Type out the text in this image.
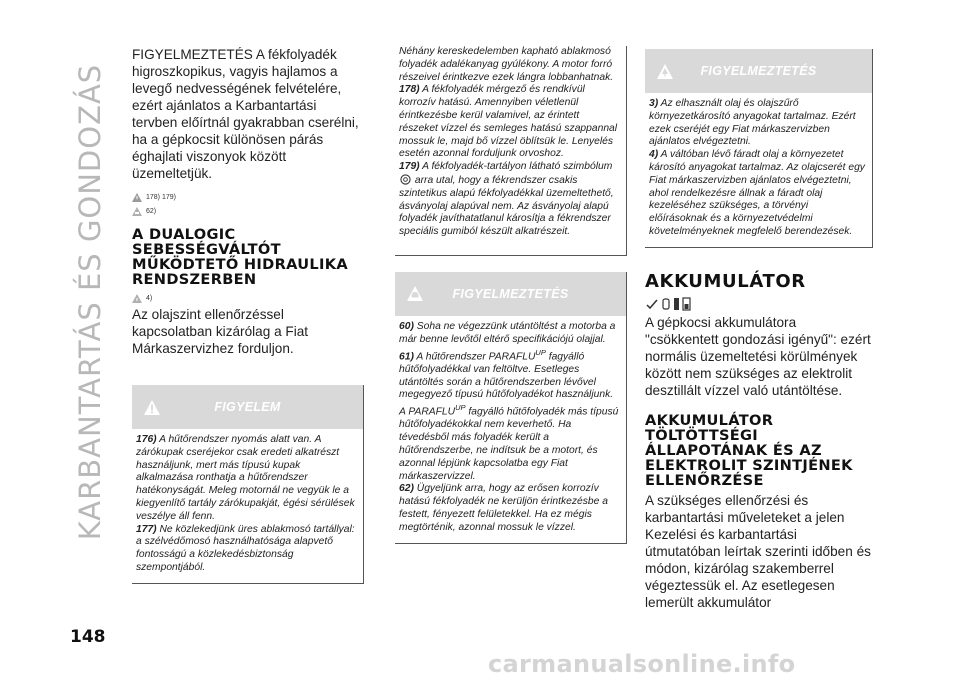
KARBANTARTÁS ÉS GONDOZÁS
FIGYELMEZTETÉS A fékfolyadék higroszkopikus, vagyis hajlamos a levegő nedvességének felvételére, ezért ajánlatos a Karbantartási tervben előírtnál gyakrabban cserélni, ha a gépkocsit különösen párás éghajlati viszonyok között üzemeltetjük.
178) 179)
62)
A DUALOGIC SEBESSÉGVÁLTÓT MŰKÖDTETŐ HIDRAULIKA RENDSZERBEN
4)
Az olajszint ellenőrzéssel kapcsolatban kizárólag a Fiat Márkaszervizhez forduljon.
FIGYELEM

176) A hűtőrendszer nyomás alatt van. A zárókupak cseréjekor csak eredeti alkatrészt használjunk, mert más típusú kupak alkalmazása ronthatja a hűtőrendszer hatékonyságát. Meleg motornál ne vegyük le a kiegyenlítő tartály zárókupakját, égési sérülések veszélye áll fenn.

177) Ne közlekedjünk üres ablakmosó tartállyal: a szélvédőmosó használhatósága alapvető fontosságú a közlekedésbiztonság szempontjából.

Néhány kereskedelemben kapható ablakmosó folyadék adalékanyag gyúlékony. A motor forró részeivel érintkezve ezek lángra lobbanhatnak.

178) A fékfolyadék mérgező és rendkívül korrozív hatású. Amennyiben véletlenül érintkezésbe kerül valamivel, az érintett részeket vízzel és semleges hatású szappannal mossuk le, majd bő vízzel öblítsük le. Lenyelés esetén azonnal forduljunk orvoshoz.

179) A fékfolyadék-tartályon látható szimbólum  arra utal, hogy a fékrendszer csakis szintetikus alapú fékfolyadékkal üzemeltethető, ásványolaj alapúval nem. Az ásványolaj alapú folyadék javíthatatlanul károsítja a fékrendszer speciális gumiból készült alkatrészeit.

FIGYELMEZTETÉS

60) Soha ne végezzünk utántöltést a motorba a már benne levőtől eltérő specifikációjú olajjal.

61) A hűtőrendszer $PARAFLU^{UP}$ fagyálló hűtőfolyadékkal van feltöltve. Esetleges utántöltés során a hűtőrendszerben lévővel megegyező típusú hűtőfolyadékot használjunk. A $PARAFLU^{UP}$ fagyálló hűtőfolyadék más típusú hűtőfolyadékokkal nem keverhető. Ha tévedésből más folyadék került a hűtőrendszerbe, ne indítsuk be a motort, és azonnal lépjünk kapcsolatba egy Fiat márkaszervizzel.

62) Ügyeljünk arra, hogy az erősen korrozív hatású fékfolyadék ne kerüljön érintkezésbe a festett, fényezett felületekkel. Ha ez mégis megtörténik, azonnal mossuk le vízzel.

FIGYELMEZTETÉS

3) Az elhasznált olaj és olajszűrő környezetkárosító anyagokat tartalmaz. Ezért ezek cseréjét egy Fiat márkaszervizben ajánlatos elvégeztetni.

4) A váltóban lévő fáradt olaj a környezetet károsító anyagokat tartalmaz. Az olajcserét egy Fiat márkaszervizben ajánlatos elvégeztetni, ahol rendelkezésre állnak a fáradt olaj kezeléséhez szükséges, a törvényi előírásoknak és a környezetvédelmi követelményeknek megfelelő berendezések.

AKKUMULÁTOR
A gépkocsi akkumulátora "csökkentett gondozási igényű": ezért normális üzemeltetési körülmények között nem szükséges az elektrolit desztillált vízzel való utántöltése.
AKKUMULÁTOR TÖLTÖTTSÉGI ÁLLAPOTÁNAK ÉS AZ ELEKTROLIT SZINTJÉNEK ELLENŐRZÉSE
A szükséges ellenőrzési és karbantartási műveleteket a jelen Kezelési és karbantartási útmutatóban leírtak szerinti időben és módon, kizárólag szakemberrel végeztessük el. Az esetlegesen lemerült akkumulátor
148
carmanualsonline.info
